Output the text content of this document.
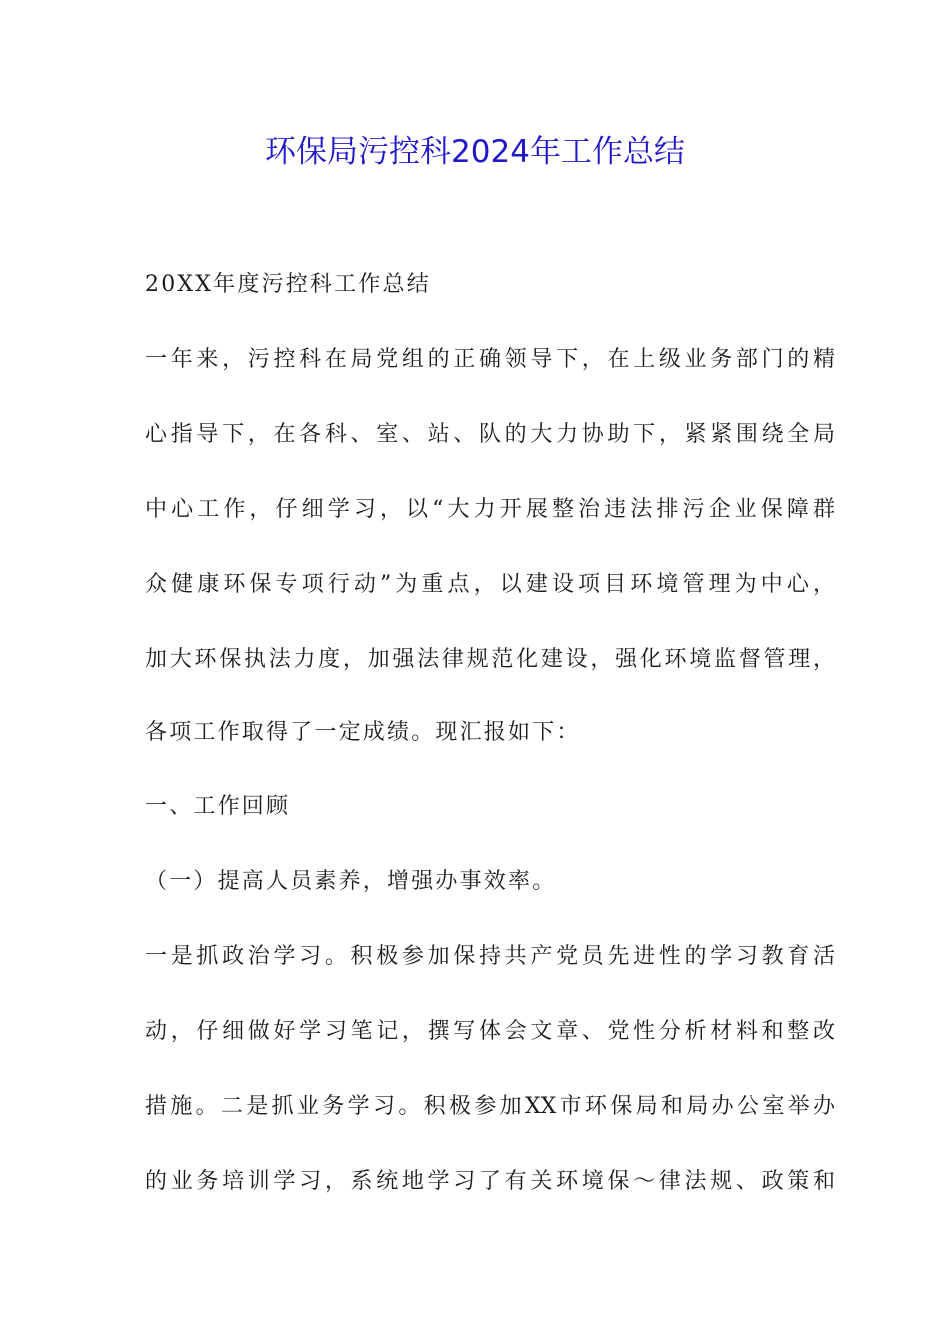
环保局污控科2024年工作总结
20XX年度污控科工作总结
一年来，污控科在局党组的正确领导下，在上级业务部门的精
心指导下，在各科、室、站、队的大力协助下，紧紧围绕全局
中心工作，仔细学习，以“大力开展整治违法排污企业保障群
众健康环保专项行动”为重点，以建设项目环境管理为中心，
加大环保执法力度，加强法律规范化建设，强化环境监督管理，
各项工作取得了一定成绩。现汇报如下：
一、工作回顾
（一）提高人员素养，增强办事效率。
一是抓政治学习。积极参加保持共产党员先进性的学习教育活
动，仔细做好学习笔记，撰写体会文章、党性分析材料和整改
措施。二是抓业务学习。积极参加XX市环保局和局办公室举办
的业务培训学习，系统地学习了有关环境保～律法规、政策和
